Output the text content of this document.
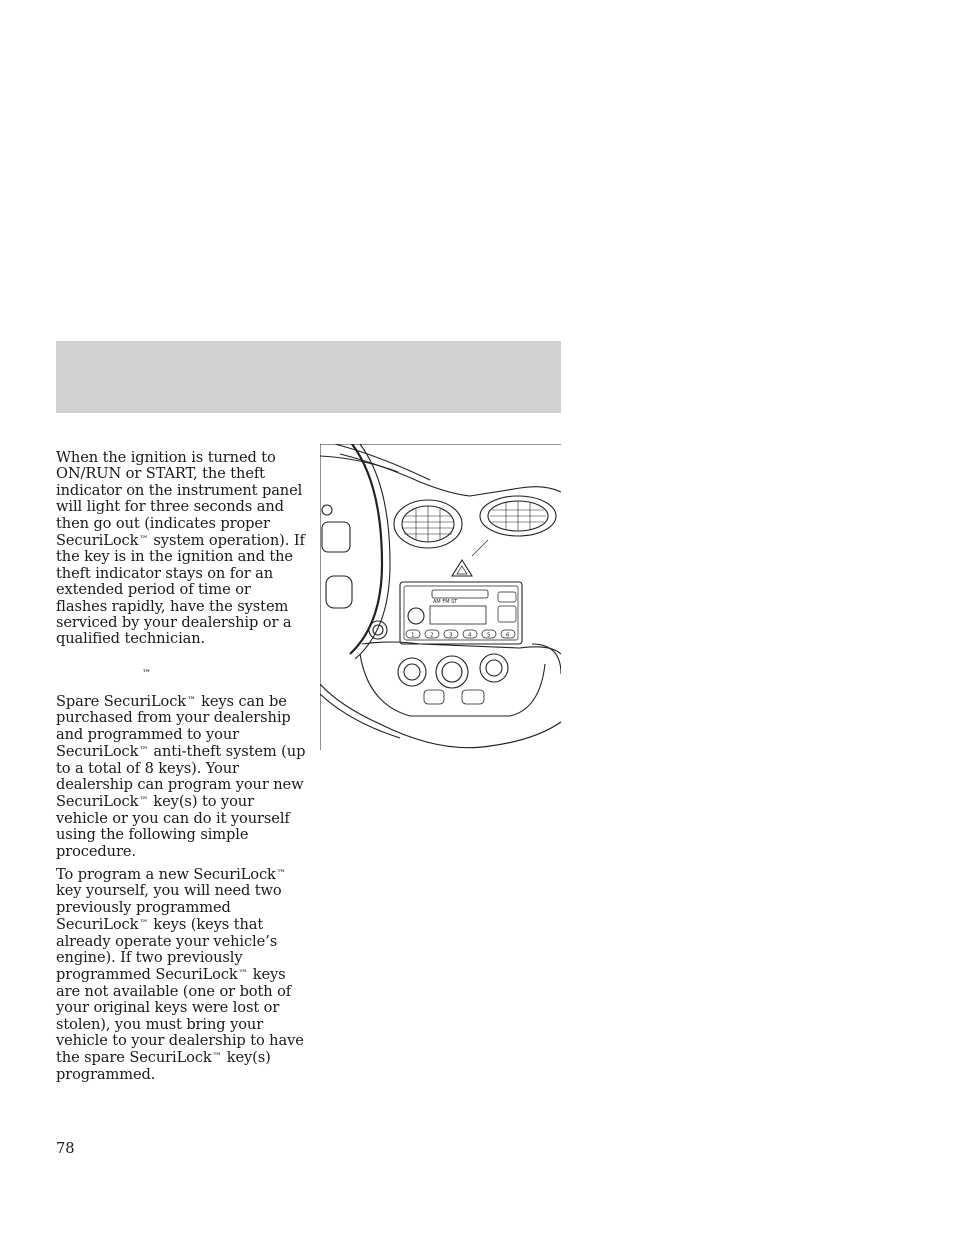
When the ignition is turned to ON/RUN or START, the theft indicator on the instrument panel will light for three seconds and then go out (indicates proper SecuriLock™ system operation). If the key is in the ignition and the theft indicator stays on for an extended period of time or flashes rapidly, have the system serviced by your dealership or a qualified technician.

™

Spare SecuriLock™ keys can be purchased from your dealership and programmed to your SecuriLock™ anti-theft system (up to a total of 8 keys). Your dealership can program your new SecuriLock™ key(s) to your vehicle or you can do it yourself using the following simple procedure.

To program a new SecuriLock™ key yourself, you will need two previously programmed SecuriLock™ keys (keys that already operate your vehicle’s engine). If two previously programmed SecuriLock™ keys are not available (one or both of your original keys were lost or stolen), you must bring your vehicle to your dealership to have the spare SecuriLock™ key(s) programmed.

AM FM ST
1	2	3	4	5	6
78
